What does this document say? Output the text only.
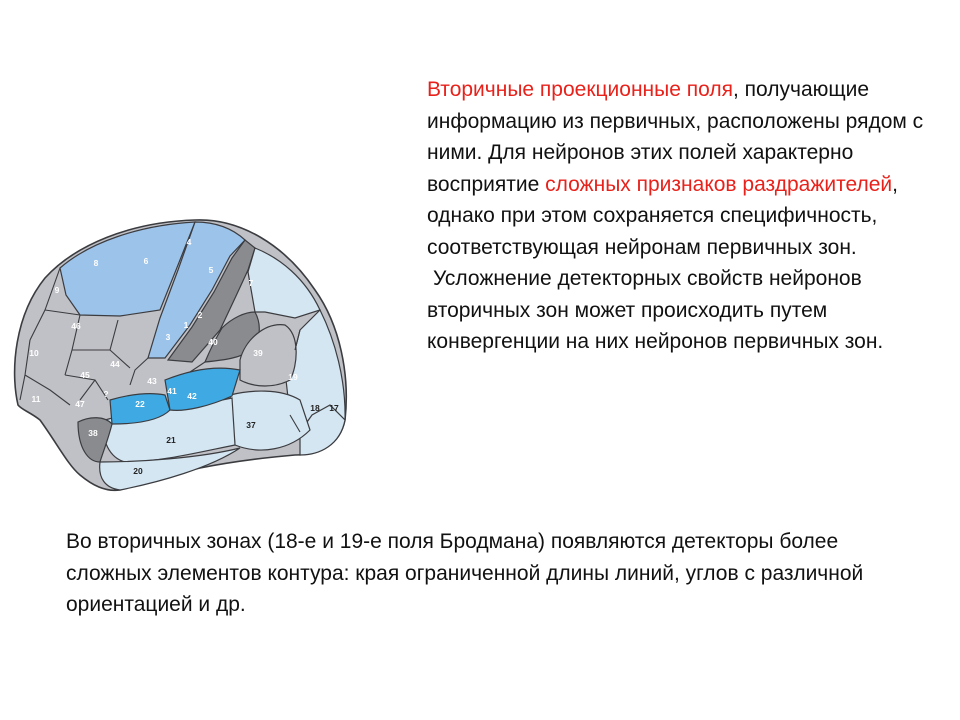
4
6
8
5
7
9
2
1
3	40
46
39
10
44
45
43	19
41 42
11	47
?
22	18 17
37
38
21
20

Вторичные проекционные поля, получающие информацию из первичных, расположены рядом с ними. Для нейронов этих полей характерно восприятие сложных признаков раздражителей, однако при этом сохраняется специфичность, соответствующая нейронам первичных зон.

Усложнение детекторных свойств нейронов вторичных зон может происходить путем конвергенции на них нейронов первичных зон.

Во вторичных зонах (18-е и 19-е поля Бродмана) появляются детекторы более сложных элементов контура: края ограниченной длины линий, углов с различной ориентацией и др.
